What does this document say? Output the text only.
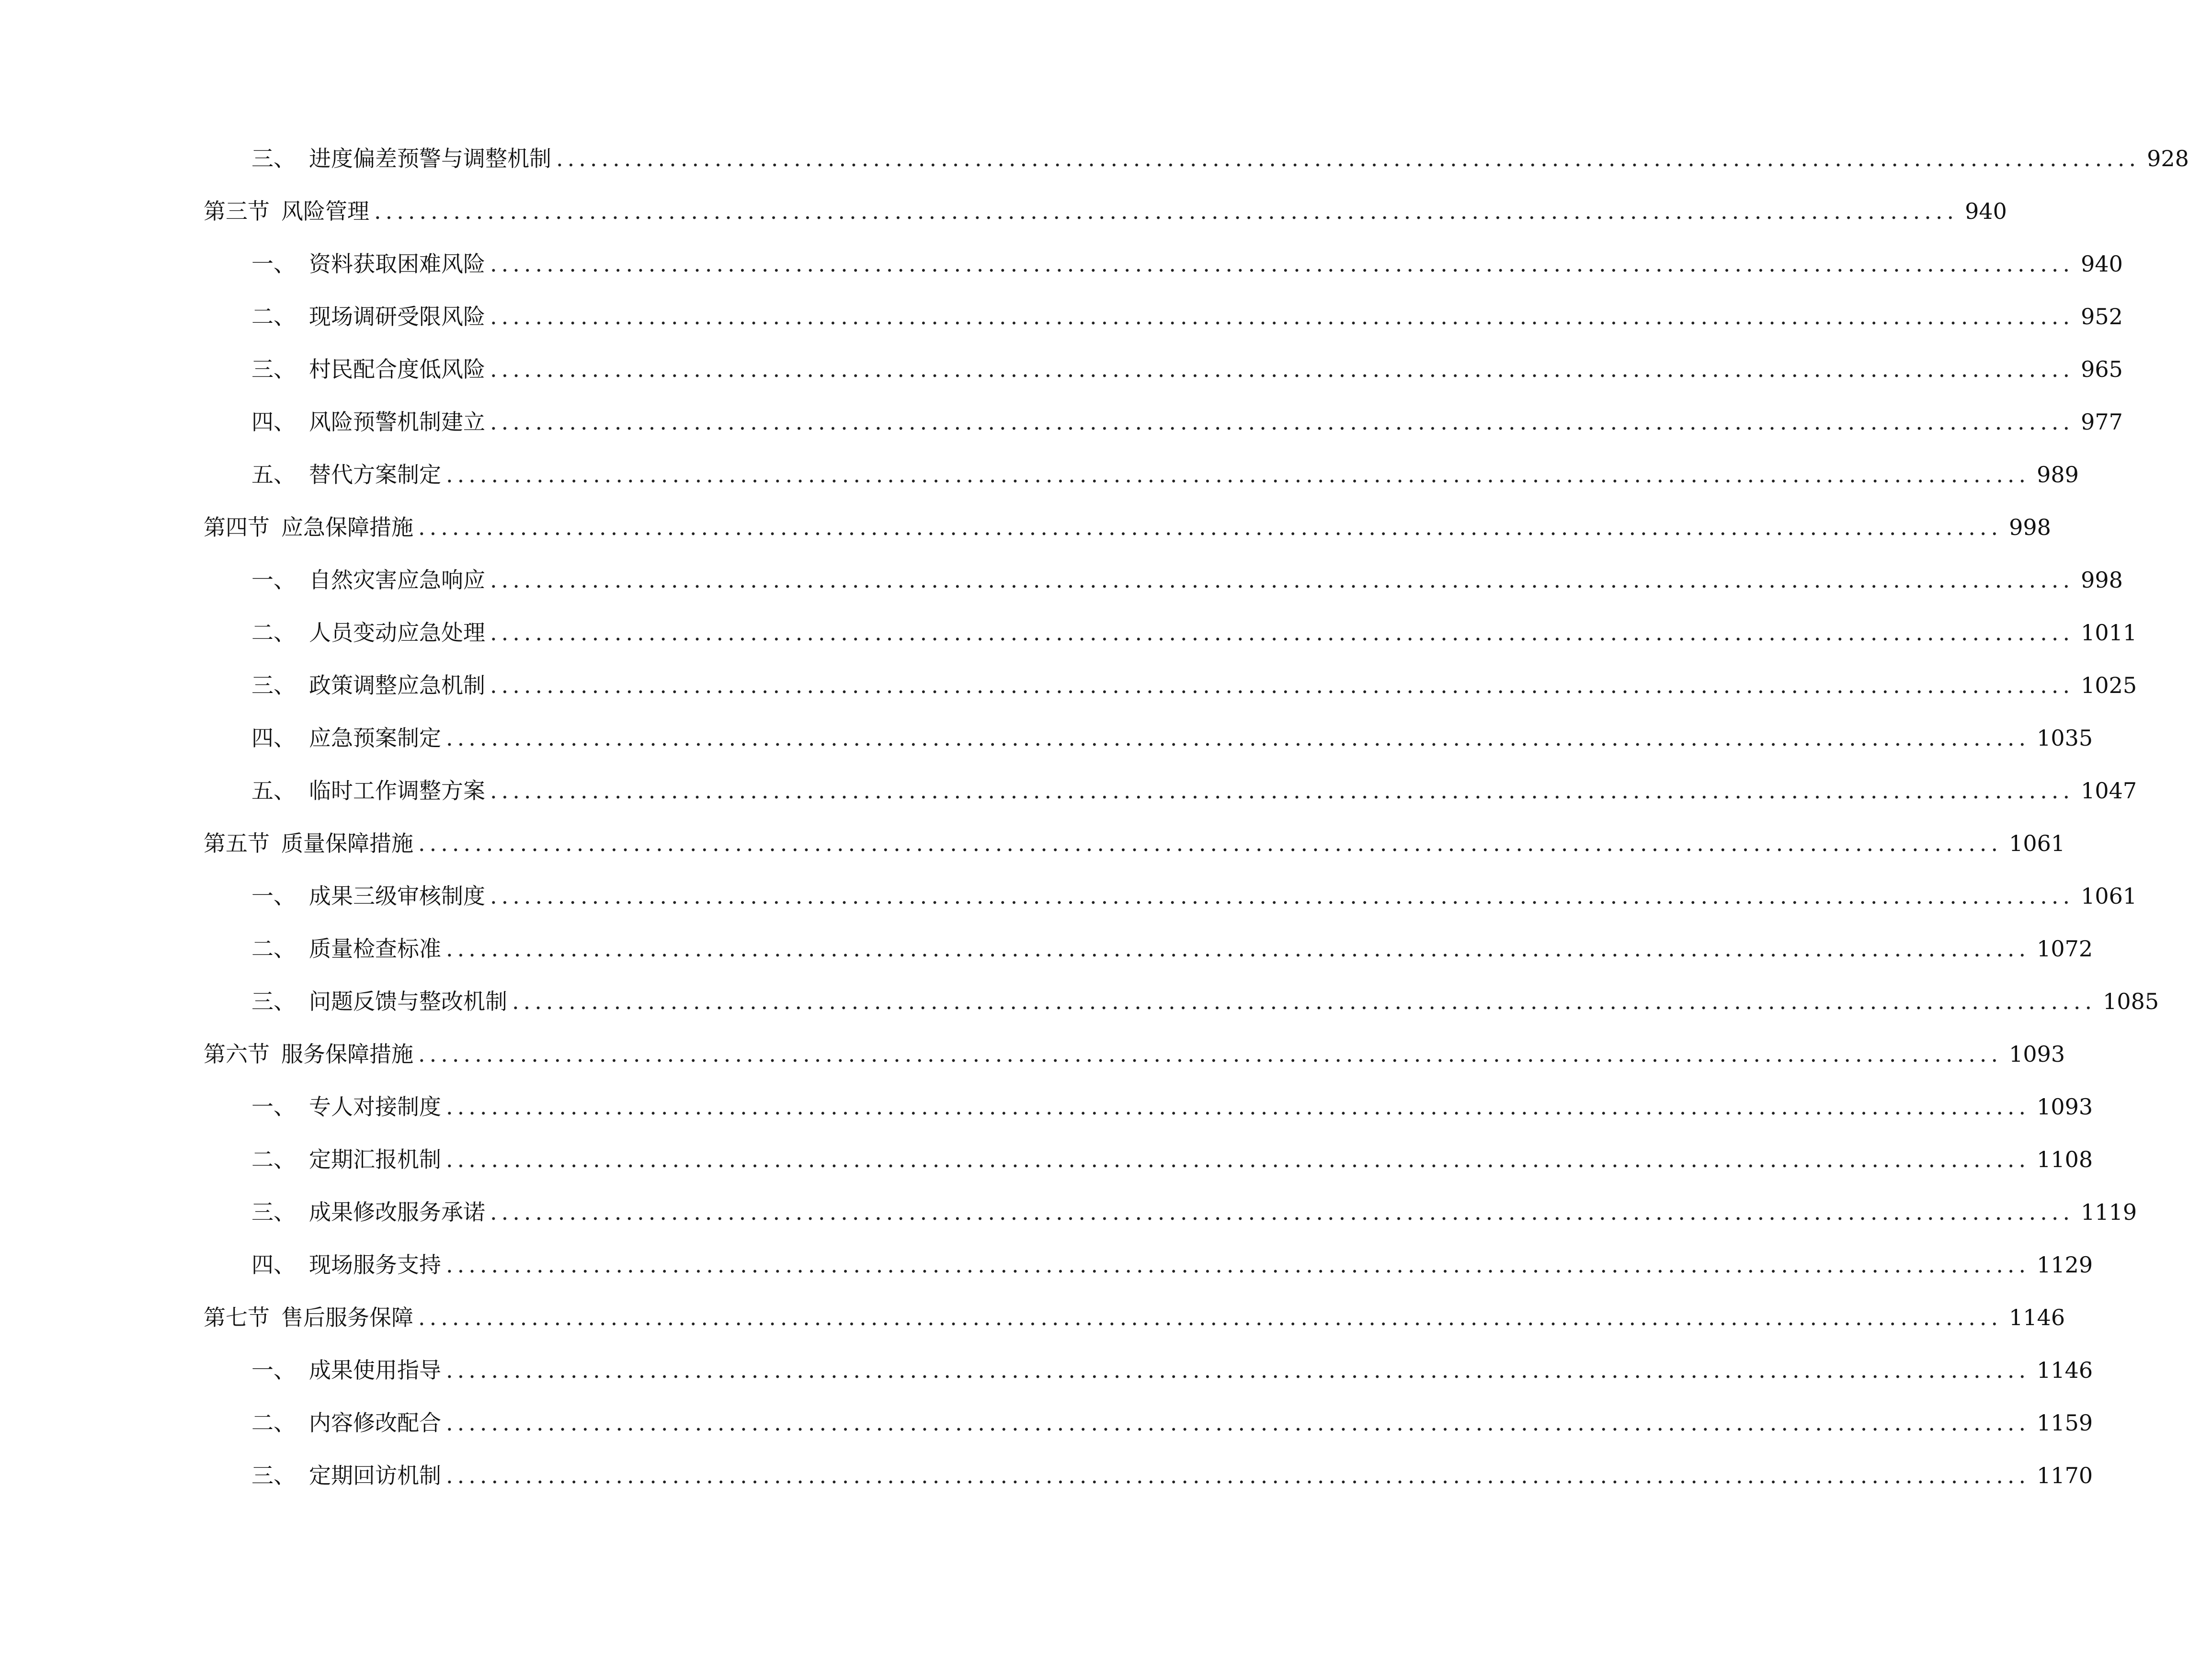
三、 进度偏差预警与调整机制 ............................................................................................................................................ 928
第三节 风险管理 ............................................................................................................................................ 940
一、 资料获取困难风险 ............................................................................................................................................ 940
二、 现场调研受限风险 ............................................................................................................................................ 952
三、 村民配合度低风险 ............................................................................................................................................ 965
四、 风险预警机制建立 ............................................................................................................................................ 977
五、 替代方案制定 ............................................................................................................................................ 989
第四节 应急保障措施 ............................................................................................................................................ 998
一、 自然灾害应急响应 ............................................................................................................................................ 998
二、 人员变动应急处理 ............................................................................................................................................ 1011
三、 政策调整应急机制 ............................................................................................................................................ 1025
四、 应急预案制定 ............................................................................................................................................ 1035
五、 临时工作调整方案 ............................................................................................................................................ 1047
第五节 质量保障措施 ............................................................................................................................................ 1061
一、 成果三级审核制度 ............................................................................................................................................ 1061
二、 质量检查标准 ............................................................................................................................................ 1072
三、 问题反馈与整改机制 ............................................................................................................................................ 1085
第六节 服务保障措施 ............................................................................................................................................ 1093
一、 专人对接制度 ............................................................................................................................................ 1093
二、 定期汇报机制 ............................................................................................................................................ 1108
三、 成果修改服务承诺 ............................................................................................................................................ 1119
四、 现场服务支持 ............................................................................................................................................ 1129
第七节 售后服务保障 ............................................................................................................................................ 1146
一、 成果使用指导 ............................................................................................................................................ 1146
二、 内容修改配合 ............................................................................................................................................ 1159
三、 定期回访机制 ............................................................................................................................................ 1170
